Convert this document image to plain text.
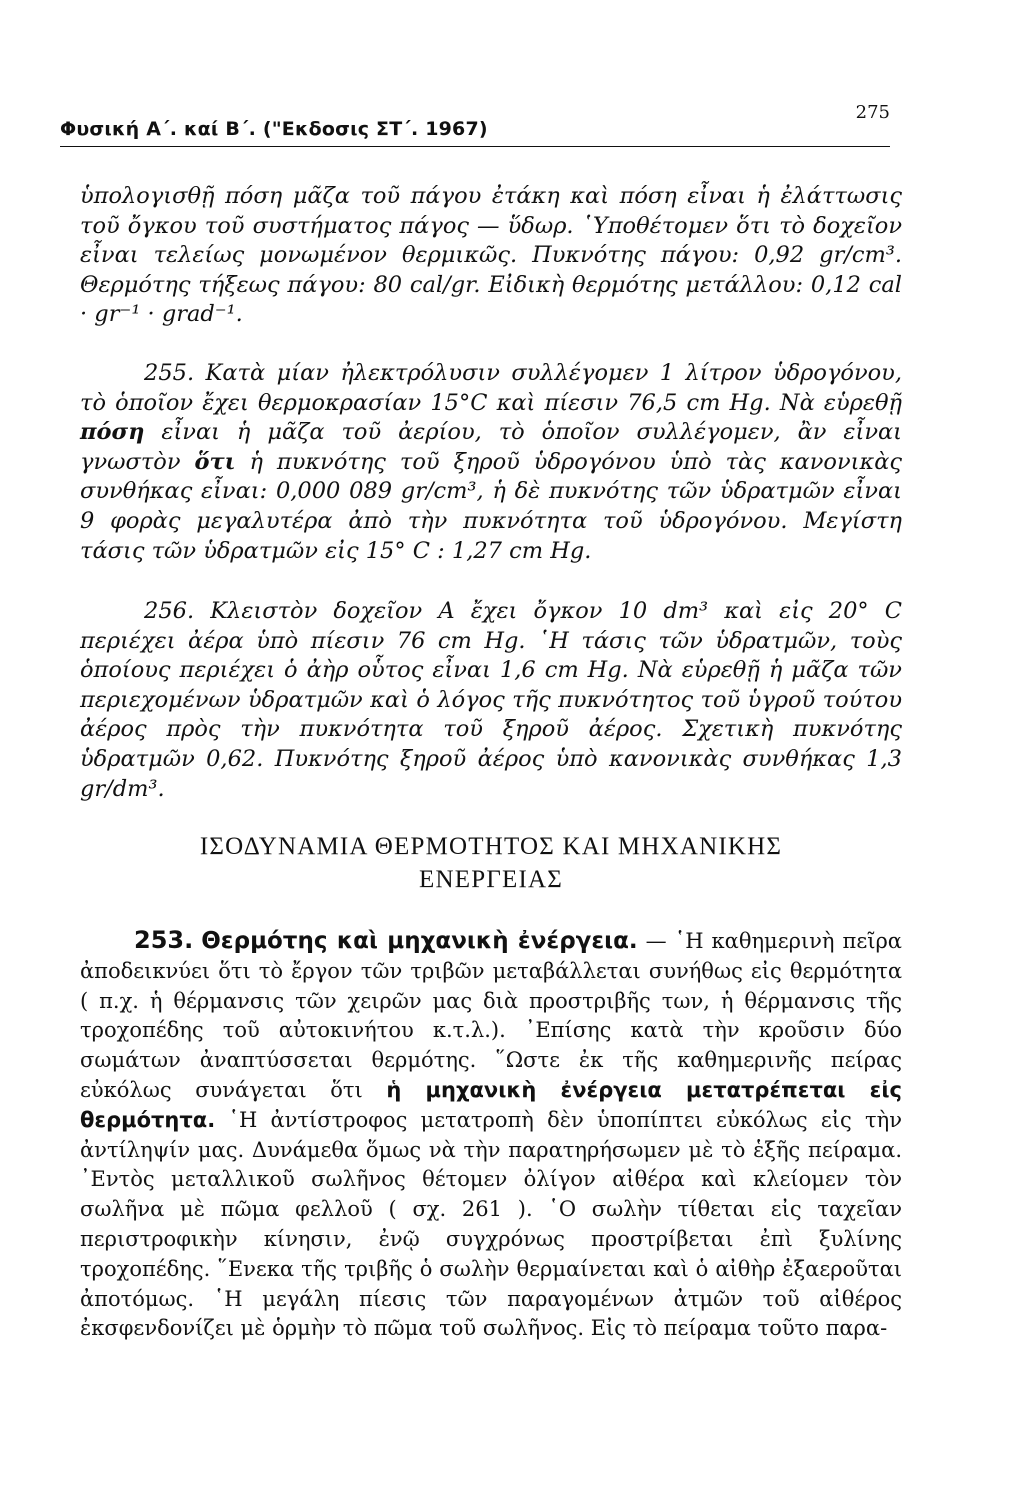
Φυσική Α΄. καί Β΄. ("Εκδοσις ΣΤ΄. 1967)
275

ὑπολογισθῇ πόση μᾶζα τοῦ πάγου ἐτάκη καὶ πόση εἶναι ἡ ἐλάττωσις τοῦ ὄγκου τοῦ συστήματος πάγος — ὕδωρ. ῾Υποθέτομεν ὅτι τὸ δοχεῖον εἶναι τελείως μονωμένον θερμικῶς. Πυκνότης πάγου: 0,92 gr/cm³. Θερμότης τήξεως πάγου: 80 cal/gr. Εἰδικὴ θερμότης μετάλλου: 0,12 cal · gr⁻¹ · grad⁻¹.

255. Κατὰ μίαν ἠλεκτρόλυσιν συλλέγομεν 1 λίτρον ὑδρογόνου, τὸ ὁποῖον ἔχει θερμοκρασίαν 15°C καὶ πίεσιν 76,5 cm Hg. Νὰ εὑρεθῇ πόση εἶναι ἡ μᾶζα τοῦ ἀερίου, τὸ ὁποῖον συλλέγομεν, ἂν εἶναι γνωστὸν ὅτι ἡ πυκνότης τοῦ ξηροῦ ὑδρογόνου ὑπὸ τὰς κανονικὰς συνθήκας εἶναι: 0,000 089 gr/cm³, ἡ δὲ πυκνότης τῶν ὑδρατμῶν εἶναι 9 φορὰς μεγαλυτέρα ἀπὸ τὴν πυκνότητα τοῦ ὑδρογόνου. Μεγίστη τάσις τῶν ὑδρατμῶν εἰς 15° C : 1,27 cm Hg.

256. Κλειστὸν δοχεῖον Α ἔχει ὄγκον 10 dm³ καὶ εἰς 20° C περιέχει ἀέρα ὑπὸ πίεσιν 76 cm Hg. ῾Η τάσις τῶν ὑδρατμῶν, τοὺς ὁποίους περιέχει ὁ ἀὴρ οὗτος εἶναι 1,6 cm Hg. Νὰ εὑρεθῇ ἡ μᾶζα τῶν περιεχομένων ὑδρατμῶν καὶ ὁ λόγος τῆς πυκνότητος τοῦ ὑγροῦ τούτου ἀέρος πρὸς τὴν πυκνότητα τοῦ ξηροῦ ἀέρος. Σχετικὴ πυκνότης ὑδρατμῶν 0,62. Πυκνότης ξηροῦ ἀέρος ὑπὸ κανονικὰς συνθήκας 1,3 gr/dm³.

ΙΣΟΔΥΝΑΜΙΑ ΘΕΡΜΟΤΗΤΟΣ ΚΑΙ ΜΗΧΑΝΙΚΗΣ
ΕΝΕΡΓΕΙΑΣ

253. Θερμότης καὶ μηχανικὴ ἐνέργεια. — ῾Η καθημερινὴ πεῖρα ἀποδεικνύει ὅτι τὸ ἔργον τῶν τριβῶν μεταβάλλεται συνήθως εἰς θερμότητα ( π.χ. ἡ θέρμανσις τῶν χειρῶν μας διὰ προστριβῆς των, ἡ θέρμανσις τῆς τροχοπέδης τοῦ αὐτοκινήτου κ.τ.λ.). ᾽Επίσης κατὰ τὴν κροῦσιν δύο σωμάτων ἀναπτύσσεται θερμότης. ῞Ωστε ἐκ τῆς καθημερινῆς πείρας εὐκόλως συνάγεται ὅτι ἡ μηχανικὴ ἐνέργεια μετατρέπεται εἰς θερμότητα. ῾Η ἀντίστροφος μετατροπὴ δὲν ὑποπίπτει εὐκόλως εἰς τὴν ἀντίληψίν μας. Δυνάμεθα ὅμως νὰ τὴν παρατηρήσωμεν μὲ τὸ ἑξῆς πείραμα. ᾽Εντὸς μεταλλικοῦ σωλῆνος θέτομεν ὀλίγον αἰθέρα καὶ κλείομεν τὸν σωλῆνα μὲ πῶμα φελλοῦ ( σχ. 261 ). ῾Ο σωλὴν τίθεται εἰς ταχεῖαν περιστροφικὴν κίνησιν, ἐνῷ συγχρόνως προστρίβεται ἐπὶ ξυλίνης τροχοπέδης. ῞Ενεκα τῆς τριβῆς ὁ σωλὴν θερμαίνεται καὶ ὁ αἰθὴρ ἐξαεροῦται ἀποτόμως. ῾Η μεγάλη πίεσις τῶν παραγομένων ἀτμῶν τοῦ αἰθέρος ἐκσφενδονίζει μὲ ὁρμὴν τὸ πῶμα τοῦ σωλῆνος. Εἰς τὸ πείραμα τοῦτο παρα-
